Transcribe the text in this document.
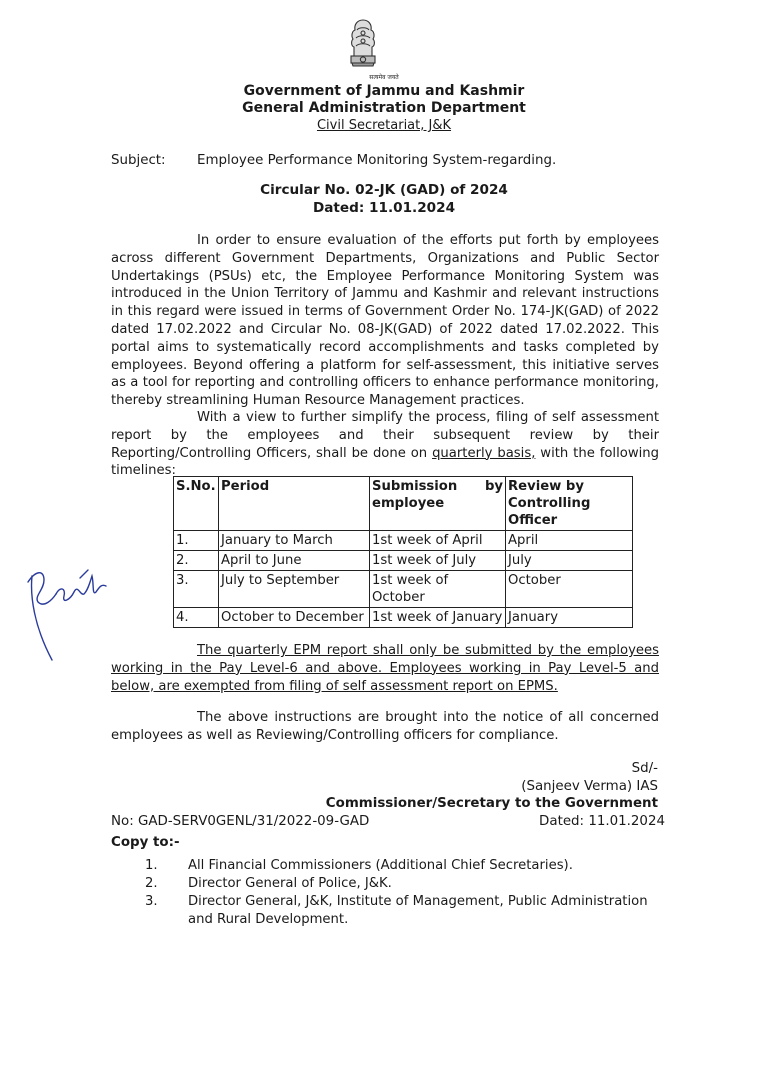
सत्यमेव जयते
Government of Jammu and Kashmir
General Administration Department
Civil Secretariat, J&K
Subject: Employee Performance Monitoring System-regarding.
Circular No. 02-JK (GAD) of 2024
Dated: 11.01.2024

In order to ensure evaluation of the efforts put forth by employees across different Government Departments, Organizations and Public Sector Undertakings (PSUs) etc, the Employee Performance Monitoring System was introduced in the Union Territory of Jammu and Kashmir and relevant instructions in this regard were issued in terms of Government Order No. 174-JK(GAD) of 2022 dated 17.02.2022 and Circular No. 08-JK(GAD) of 2022 dated 17.02.2022. This portal aims to systematically record accomplishments and tasks completed by employees. Beyond offering a platform for self-assessment, this initiative serves as a tool for reporting and controlling officers to enhance performance monitoring, thereby streamlining Human Resource Management practices.

With a view to further simplify the process, filing of self assessment report by the employees and their subsequent review by their Reporting/Controlling Officers, shall be done on quarterly basis, with the following timelines:

S.No.	Period	Submission by employee	Review by Controlling Officer
1.	January to March	1st week of April	April
2.	April to June	1st week of July	July
3.	July to September	1st week of October	October
4.	October to December	1st week of January	January

The quarterly EPM report shall only be submitted by the employees working in the Pay Level-6 and above. Employees working in Pay Level-5 and below, are exempted from filing of self assessment report on EPMS.

The above instructions are brought into the notice of all concerned employees as well as Reviewing/Controlling officers for compliance.

Sd/-
(Sanjeev Verma) IAS
Commissioner/Secretary to the Government
No: GAD-SERV0GENL/31/2022-09-GAD	Dated: 11.01.2024
Copy to:-
1. All Financial Commissioners (Additional Chief Secretaries).
2. Director General of Police, J&K.
3. Director General, J&K, Institute of Management, Public Administration and Rural Development.
